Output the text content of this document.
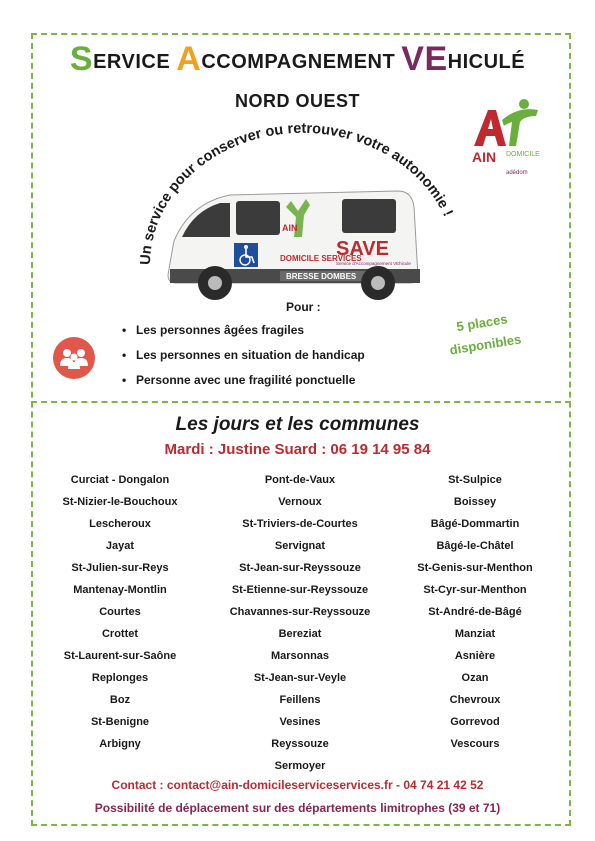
SERVICE ACCOMPAGNEMENT VEHICULÉ
NORD OUEST
AIN DOMICILE
adédom
Un service pour conserver ou retrouver votre autonomie !
BRESSE DOMBES
AIN
DOMICILE SERVICES
SAVE
Service d'Accompagnement VEhicule
Pour :
• Les personnes âgées fragiles
• Les personnes en situation de handicap
• Personne avec une fragilité ponctuelle
5 places
disponibles
Les jours et les communes
Mardi : Justine Suard : 06 19 14 95 84
Curciat - Dongalon
St-Nizier-le-Bouchoux
Lescheroux
Jayat
St-Julien-sur-Reys
Mantenay-Montlin
Courtes
Crottet
St-Laurent-sur-Saône
Replonges
Boz
St-Benigne
Arbigny
Pont-de-Vaux
Vernoux
St-Triviers-de-Courtes
Servignat
St-Jean-sur-Reyssouze
St-Etienne-sur-Reyssouze
Chavannes-sur-Reyssouze
Bereziat
Marsonnas
St-Jean-sur-Veyle
Feillens
Vesines
Reyssouze
Sermoyer
St-Sulpice
Boissey
Bâgé-Dommartin
Bâgé-le-Châtel
St-Genis-sur-Menthon
St-Cyr-sur-Menthon
St-André-de-Bâgé
Manziat
Asnière
Ozan
Chevroux
Gorrevod
Vescours
Contact : contact@ain-domicileserviceservices.fr - 04 74 21 42 52
Possibilité de déplacement sur des départements limitrophes (39 et 71)
